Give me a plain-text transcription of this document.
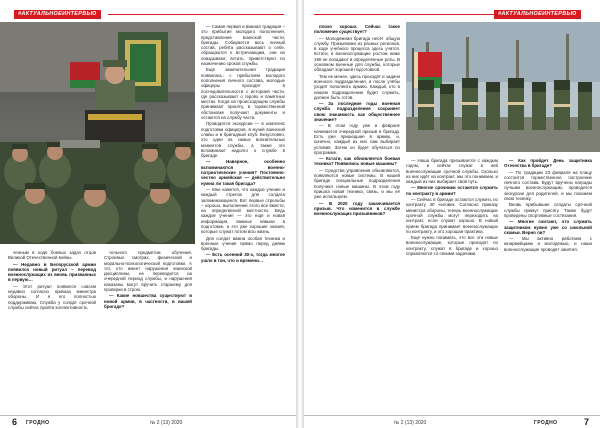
#АКТУАЛЬНОЕИНТЕРВЬЮ

— Самая первая и важная традиция – это прибытие молодого пополнения, представление воинской части, бригады. Собирается весь личный состав, ребята рассказывают о себе, обращаются к встречающим, они не опаздывают, встать, приветствуют по назначению сроков службы.

Ещё замечательная традиция появилась: с прибытием молодого пополнения личного состава, молодые офицеры проходят в последовательности с историей части, где рассказывают о героях и памятных местах. Когда на происходящем службы принимают присягу, в торжественной обстановке получают документы и остаются на службу части.

Проводятся экскурсии — в комплекс подготовки офицеров, в музей воинской славы и в бригадный клуб. Безусловно, это одни из самых волнительных моментов службы, а также это вспоминают надолго о службе в бригаде.

— Наверное, особенно вспоминаются военно-патриотические учения? Постоянно-честно армейская — действительно нужна ли такая бригада?

— Мне кажется, что каждое учение и каждый стрелок для солдата запоминающееся. Вот первые стрельбы – хорошо, выполнение этого все вместе, на определенной местности. Ведь каждое учение — это ещё и новая информация, важные навыки в подготовке, и это уже хорошие знания, которые служат потом всю жизнь.

Для солдат важна особая техника и военные учения прямо перед днями бригады.

— Есть осенний 30-х, тогда многое ушло в тон, что и времени…

ченным в ходе боевых задач отцов Великой Отечественной войны.

— Недавно в Белорусской армии появился новый ритуал – перевод военнослужащих из вновь призванных в первую…

— Этот ритуал появился совсем недавно согласно приказа министра обороны. И я его полностью поддерживаю. Служба у солдат срочной службы сейчас пройти коллективность

тельного предметом обучения. Строевых смотрах, физической и морально-психологической подготовки. А тот, кто имеет нарушения воинской дисциплины, не переводится на очередной период службы, и нарушения наказаны могут вручить старшему для проверки в строю.

— Какие новшества существуют в новой армии, в частности, в вашей бригаде?

6 ГРОДНО	№ 2 (13) 2020
#АКТУАЛЬНОЕИНТЕРВЬЮ

плохо хорошо. Сейчас такое положение существует?

— Молодёжная бригада несёт общую службу. Призывники из разных регионов, в ходе учебного процесса здесь учатся. Кстати, в военнослужащие ростом ниже 190 не попадают в определённые роты. В основном военные для службы, которые обладают хорошей подготовкой.

Тем не менее, здесь проходят и задачи военного подразделения, и после учёбы уходят пополнить армию. Каждый, кто в нашем подразделении будет служить, должен быть готов.

— За последние годы военная служба подразделения сохраняет свою значимость как общественное значение?

— В этом году уже в феврале начинается очередной призыв в бригаду. Есть уже пришедшие в армию, и, конечно, каждый из них сам выбирает условия. Затем он будет обучаться по программе.

— Кстати, как обновляется боевая техника? Появились новые машины?

— Средства управления обновляются, появляются новые системы. В нашей бригаде специальные подразделения получают новые машины. В этом году пришла новая техника, связь, и мы её уже используем.

— В 2020 году заканчивается призыв. Что изменится в службе военнослужащих призывников?

— Наша бригада призывается с каждым годом, и сейчас служат в ней военнослужащие срочной службы. Сколько из них идёт на контракт, мы это понимаем, и каждый из них выбирает свой путь.

— Многие срочники остаются служить по контракту в армии?

— Сейчас в бригаде остаются служить по контракту 30 человек. Согласно приказу министра обороны, теперь военнослужащие срочной службы могут переходить на контракт, если служат хорошо. В новый прием бригада принимает военнослужащих по контракту, и это хорошая практика.

Ещё нужно понимать, что все эти новые военнослужащие, которые приходят по контракту, служат в бригаде и хорошо справляются со своими задачами.

— Как пройдет День защитника Отечества в бригаде?

— По традиции 23 февраля на плацу состоится торжественное построение личного состава. Будут вручены награды лучшим военнослужащим, проводятся экскурсии для родителей, и мы покажем свою технику.

Вновь прибывшие солдаты срочной службы примут присягу. Также будут проведены спортивные состязания.

— Многие считают, что служить защитником нужно уже со школьной скамьи. Верно ли?

— Мы активно работаем с юнармейцами и молодёжью, и наши военнослужащие проводят занятия.

№ 2 (13) 2020	ГРОДНО	7
